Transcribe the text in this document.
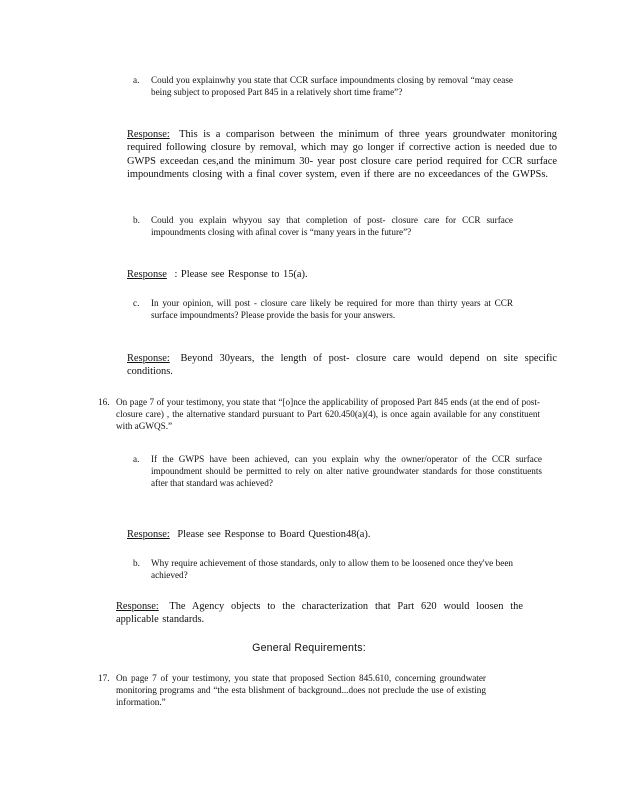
a. Could you explainwhy you state that CCR surface impoundments closing by removal “may cease being subject to proposed Part 845 in a relatively short time frame”?
Response: This is a comparison between the minimum of three years groundwater monitoring required following closure by removal, which may go longer if corrective action is needed due to GWPS exceedan ces,and the minimum 30- year post closure care period required for CCR surface impoundments closing with a final cover system, even if there are no exceedances of the GWPSs.
b. Could you explain whyyou say that completion of post- closure care for CCR surface impoundments closing with afinal cover is “many years in the future”?
Response : Please see Response to 15(a).
c. In your opinion, will post - closure care likely be required for more than thirty years at CCR surface impoundments? Please provide the basis for your answers.
Response: Beyond 30years, the length of post- closure care would depend on site specific conditions.
16. On page 7 of your testimony, you state that “[o]nce the applicability of proposed Part 845 ends (at the end of post- closure care) , the alternative standard pursuant to Part 620.450(a)(4), is once again available for any constituent with aGWQS.”
a. If the GWPS have been achieved, can you explain why the owner/operator of the CCR surface impoundment should be permitted to rely on alter native groundwater standards for those constituents after that standard was achieved?
Response: Please see Response to Board Question48(a).
b. Why require achievement of those standards, only to allow them to be loosened once they've been achieved?
Response: The Agency objects to the characterization that Part 620 would loosen the applicable standards.
General Requirements:
17. On page 7 of your testimony, you state that proposed Section 845.610, concerning groundwater monitoring programs and “the esta blishment of background...does not preclude the use of existing information.”
